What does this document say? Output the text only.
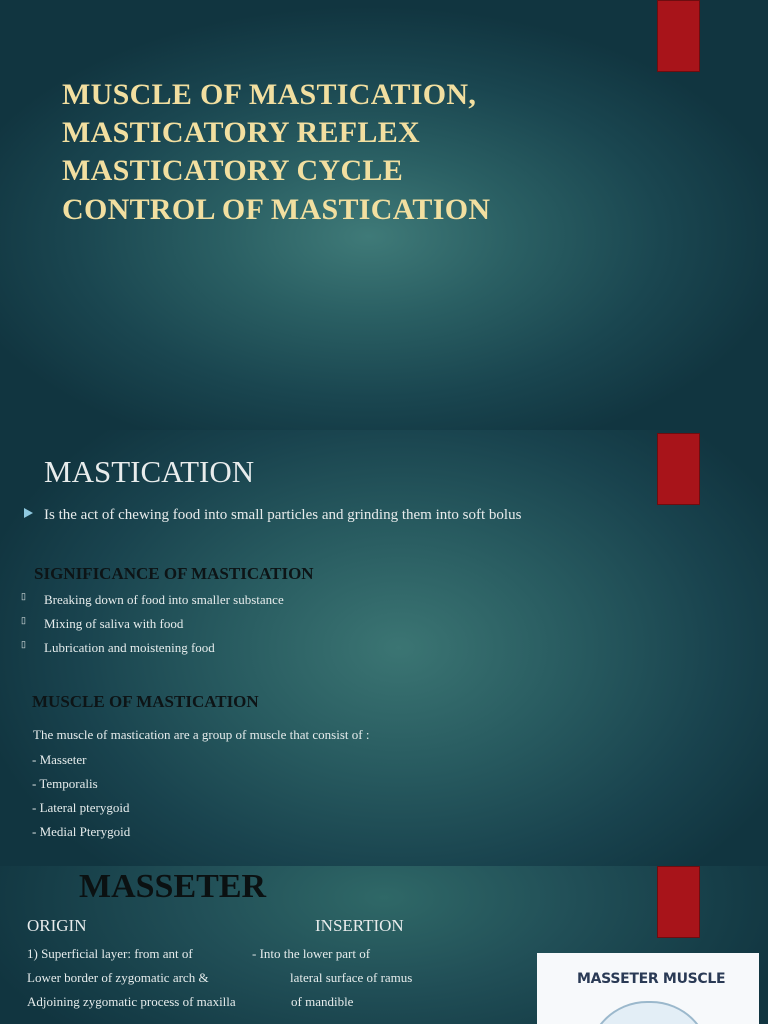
MUSCLE OF MASTICATION,
MASTICATORY REFLEX
MASTICATORY CYCLE
CONTROL OF MASTICATION
MASTICATION
Is the act of chewing food into small particles and grinding them into soft bolus
SIGNIFICANCE OF MASTICATION
▯ Breaking down of food into smaller substance
▯ Mixing of saliva with food
▯ Lubrication and moistening food
MUSCLE OF MASTICATION
The muscle of mastication are a group of muscle that consist of :
- Masseter
- Temporalis
- Lateral pterygoid
- Medial Pterygoid
MASSETER
ORIGIN	INSERTION
1) Superficial layer: from ant of
Lower border of zygomatic arch &
Adjoining zygomatic process of maxilla
- Into the lower part of
lateral surface of ramus
of mandible
MASSETER MUSCLE
